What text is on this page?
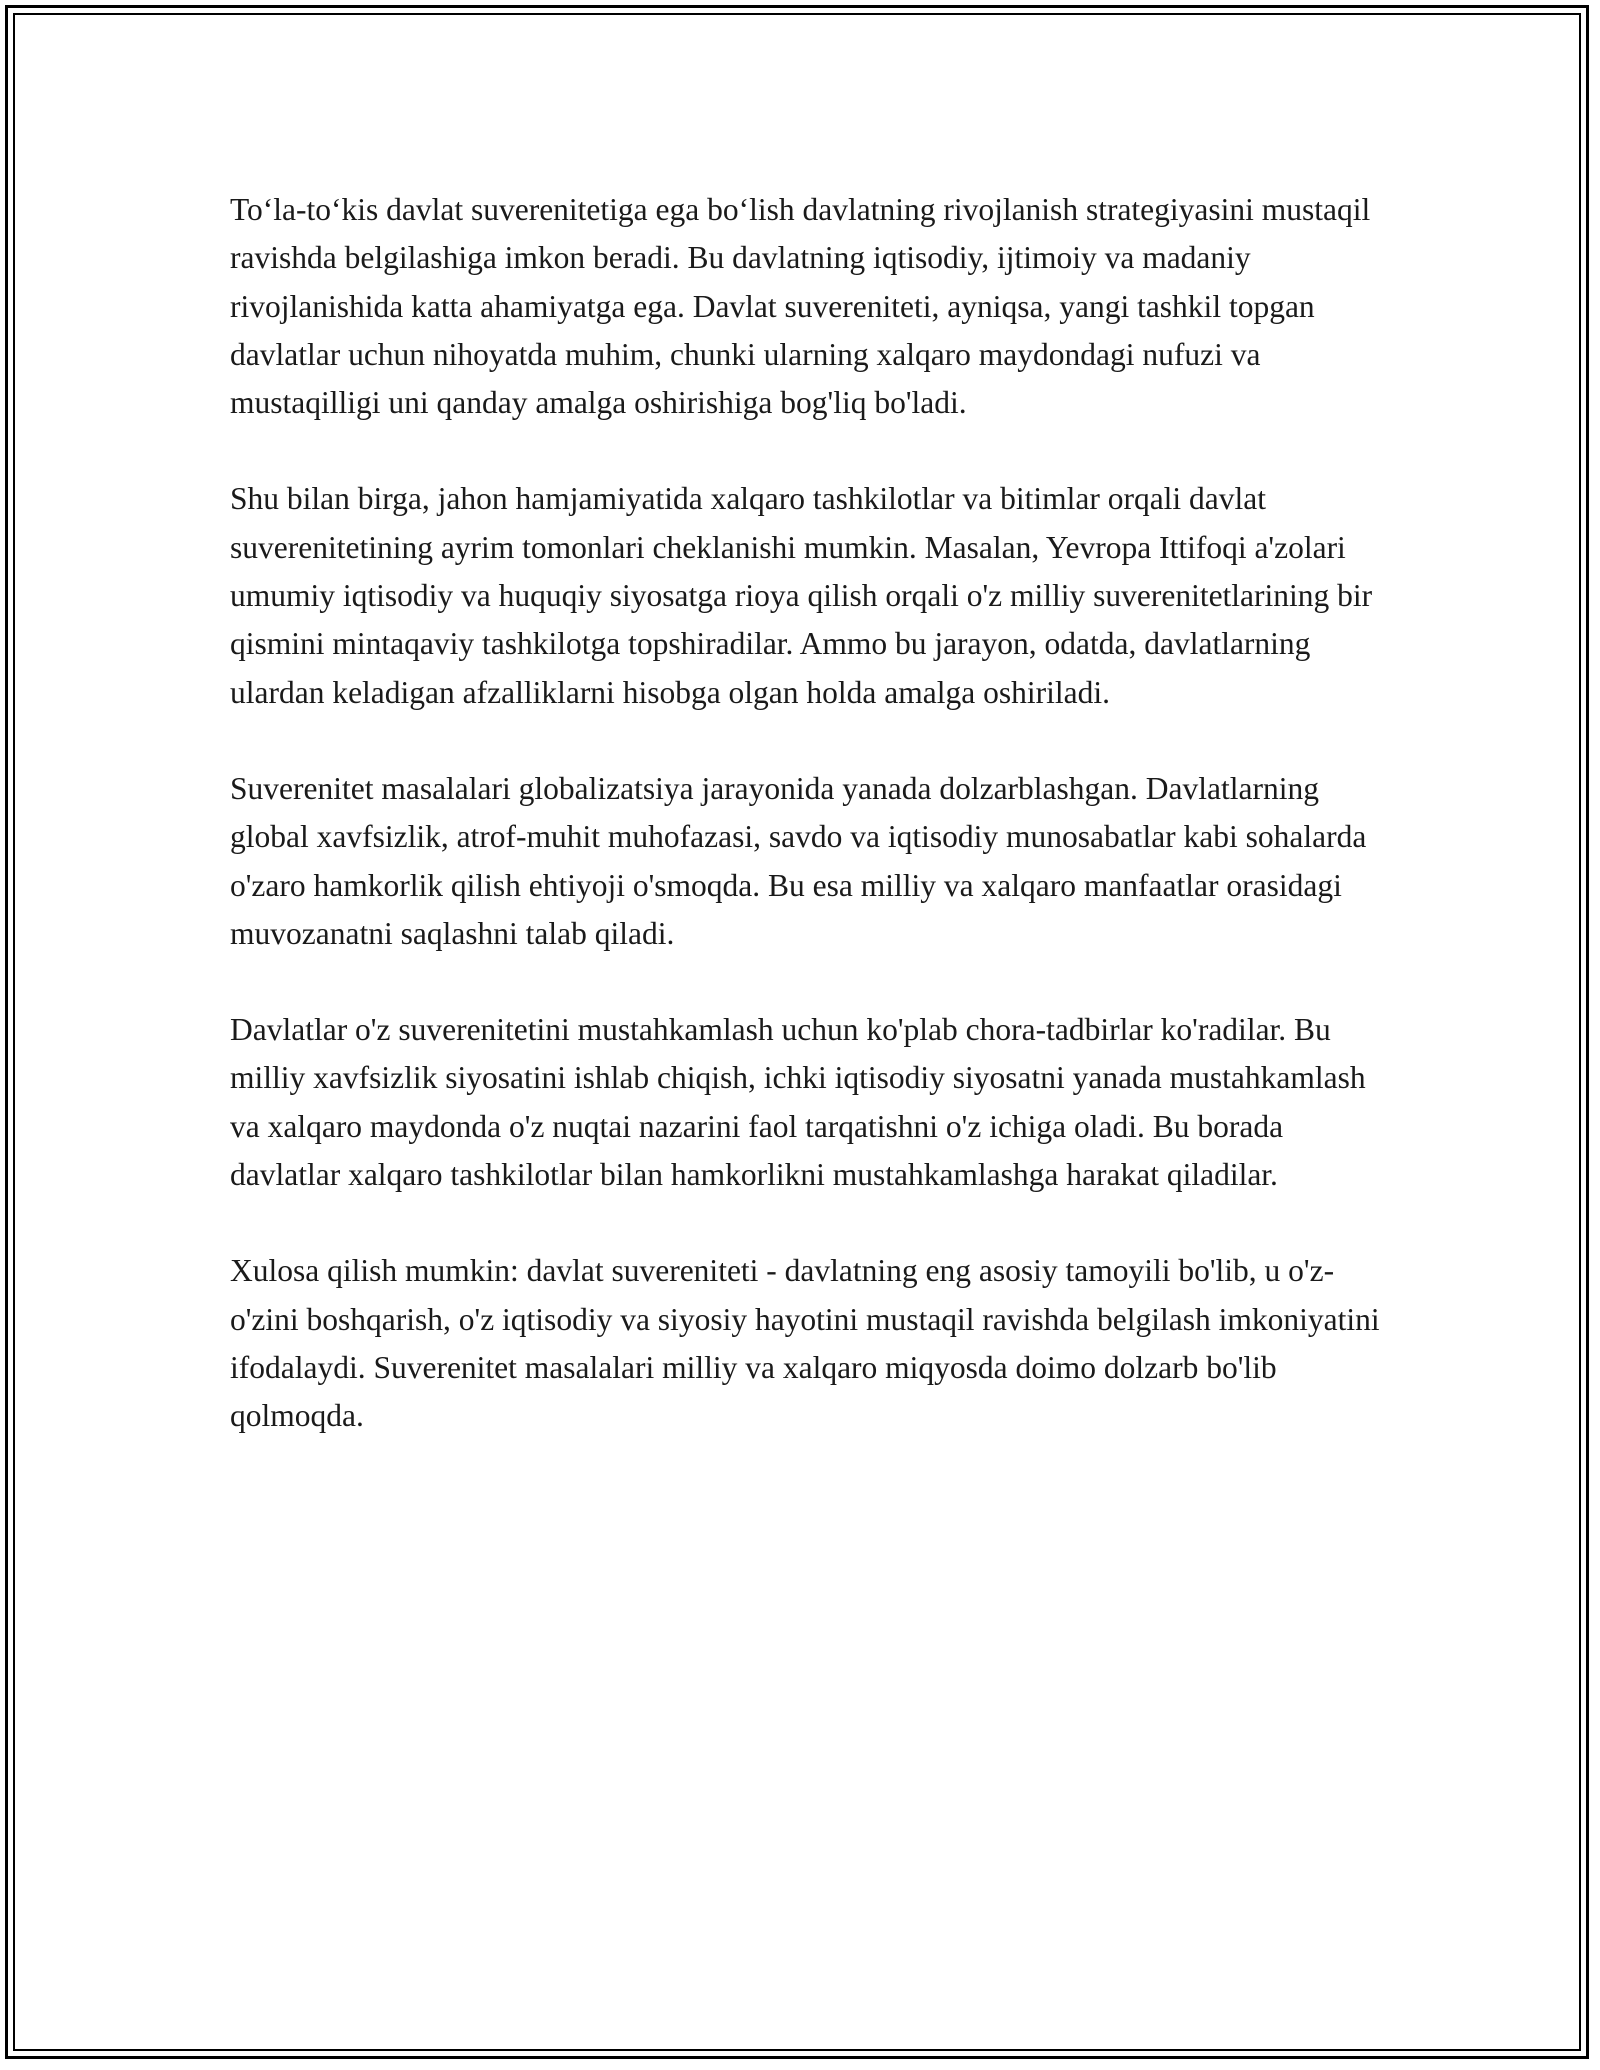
To‘la-to‘kis davlat suverenitetiga ega bo‘lish davlatning rivojlanish strategiyasini mustaqil ravishda belgilashiga imkon beradi. Bu davlatning iqtisodiy, ijtimoiy va madaniy rivojlanishida katta ahamiyatga ega. Davlat suvereniteti, ayniqsa, yangi tashkil topgan davlatlar uchun nihoyatda muhim, chunki ularning xalqaro maydondagi nufuzi va mustaqilligi uni qanday amalga oshirishiga bog'liq bo'ladi.

Shu bilan birga, jahon hamjamiyatida xalqaro tashkilotlar va bitimlar orqali davlat suverenitetining ayrim tomonlari cheklanishi mumkin. Masalan, Yevropa Ittifoqi a'zolari umumiy iqtisodiy va huquqiy siyosatga rioya qilish orqali o'z milliy suverenitetlarining bir qismini mintaqaviy tashkilotga topshiradilar. Ammo bu jarayon, odatda, davlatlarning ulardan keladigan afzalliklarni hisobga olgan holda amalga oshiriladi.

Suverenitet masalalari globalizatsiya jarayonida yanada dolzarblashgan. Davlatlarning global xavfsizlik, atrof-muhit muhofazasi, savdo va iqtisodiy munosabatlar kabi sohalarda o'zaro hamkorlik qilish ehtiyoji o'smoqda. Bu esa milliy va xalqaro manfaatlar orasidagi muvozanatni saqlashni talab qiladi.

Davlatlar o'z suverenitetini mustahkamlash uchun ko'plab chora-tadbirlar ko'radilar. Bu milliy xavfsizlik siyosatini ishlab chiqish, ichki iqtisodiy siyosatni yanada mustahkamlash va xalqaro maydonda o'z nuqtai nazarini faol tarqatishni o'z ichiga oladi. Bu borada davlatlar xalqaro tashkilotlar bilan hamkorlikni mustahkamlashga harakat qiladilar.

Xulosa qilish mumkin: davlat suvereniteti - davlatning eng asosiy tamoyili bo'lib, u o'z-o'zini boshqarish, o'z iqtisodiy va siyosiy hayotini mustaqil ravishda belgilash imkoniyatini ifodalaydi. Suverenitet masalalari milliy va xalqaro miqyosda doimo dolzarb bo'lib qolmoqda.
